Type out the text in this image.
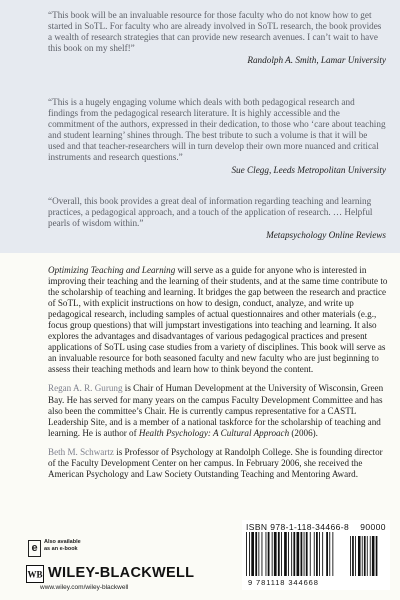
“This book will be an invaluable resource for those faculty who do not know how to get started in SoTL. For faculty who are already involved in SoTL research, the book provides a wealth of research strategies that can provide new research avenues. I can’t wait to have this book on my shelf!”

Randolph A. Smith, Lamar University

“This is a hugely engaging volume which deals with both pedagogical research and findings from the pedagogical research literature. It is highly accessible and the commitment of the authors, expressed in their dedication, to those who ‘care about teaching and student learning’ shines through. The best tribute to such a volume is that it will be used and that teacher-researchers will in turn develop their own more nuanced and critical instruments and research questions.”

Sue Clegg, Leeds Metropolitan University

“Overall, this book provides a great deal of information regarding teaching and learning practices, a pedagogical approach, and a touch of the application of research. … Helpful pearls of wisdom within.”

Metapsychology Online Reviews

Optimizing Teaching and Learning will serve as a guide for anyone who is interested in improving their teaching and the learning of their students, and at the same time contribute to the scholarship of teaching and learning. It bridges the gap between the research and practice of SoTL, with explicit instructions on how to design, conduct, analyze, and write up pedagogical research, including samples of actual questionnaires and other materials (e.g., focus group questions) that will jumpstart investigations into teaching and learning. It also explores the advantages and disadvantages of various pedagogical practices and present applications of SoTL using case studies from a variety of disciplines. This book will serve as an invaluable resource for both seasoned faculty and new faculty who are just beginning to assess their teaching methods and learn how to think beyond the content.

Regan A. R. Gurung is Chair of Human Development at the University of Wisconsin, Green Bay. He has served for many years on the campus Faculty Development Committee and has also been the committee’s Chair. He is currently campus representative for a CASTL Leadership Site, and is a member of a national taskforce for the scholarship of teaching and learning. He is author of Health Psychology: A Cultural Approach (2006).

Beth M. Schwartz is Professor of Psychology at Randolph College. She is founding director of the Faculty Development Center on her campus. In February 2006, she received the American Psychology and Law Society Outstanding Teaching and Mentoring Award.

e	Also available
as an e-book
WB WILEY-BLACKWELL
www.wiley.com/wiley-blackwell
ISBN 978-1-118-34466-8 90000
9 781118 344668
